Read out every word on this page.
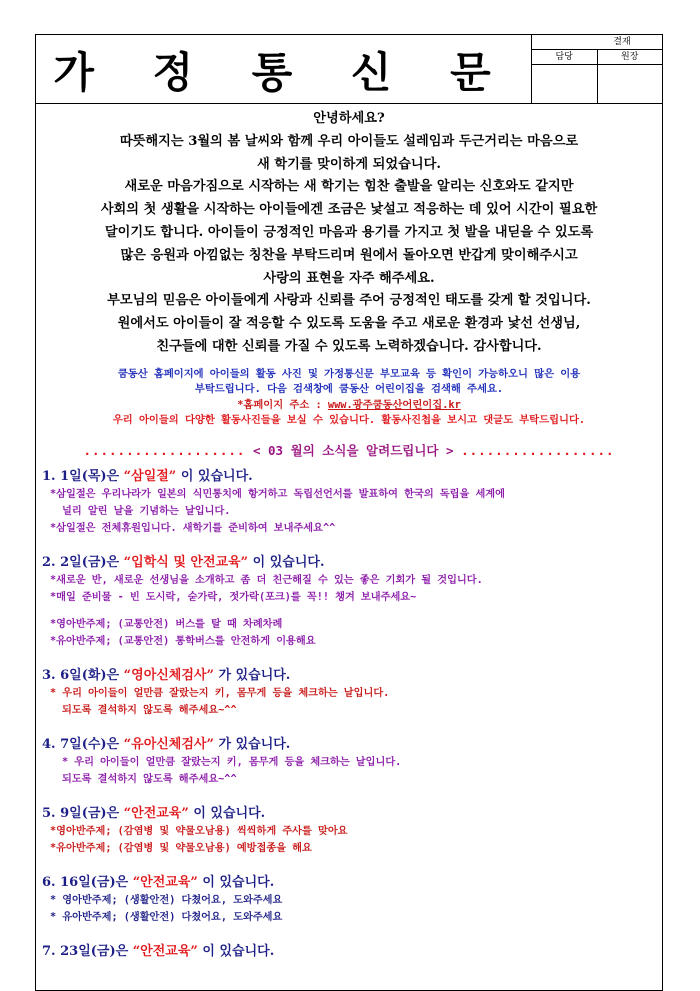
가 정 통 신 문
결재
담당	원장
안녕하세요?
따뜻해지는 3월의 봄 날씨와 함께 우리 아이들도 설레임과 두근거리는 마음으로
새 학기를 맞이하게 되었습니다.
새로운 마음가짐으로 시작하는 새 학기는 힘찬 출발을 알리는 신호와도 같지만
사회의 첫 생활을 시작하는 아이들에겐 조금은 낯설고 적응하는 데 있어 시간이 필요한
달이기도 합니다. 아이들이 긍정적인 마음과 용기를 가지고 첫 발을 내딛을 수 있도록
많은 응원과 아낌없는 칭찬을 부탁드리며 원에서 돌아오면 반갑게 맞이해주시고
사랑의 표현을 자주 해주세요.
부모님의 믿음은 아이들에게 사랑과 신뢰를 주어 긍정적인 태도를 갖게 할 것입니다.
원에서도 아이들이 잘 적응할 수 있도록 도움을 주고 새로운 환경과 낯선 선생님,
친구들에 대한 신뢰를 가질 수 있도록 노력하겠습니다. 감사합니다.
쿰동산 홈페이지에 아이들의 활동 사진 및 가정통신문 부모교육 등 확인이 가능하오니 많은 이용
부탁드립니다. 다음 검색창에 쿰동산 어린이집을 검색해 주세요.
*홈페이지 주소 : www.광주쿰동산어린이집.kr
우리 아이들의 다양한 활동사진들을 보실 수 있습니다. 활동사진첩을 보시고 댓글도 부탁드립니다.
................... < 03 월의 소식을 알려드립니다 > ..................
1. 1일(목)은 “삼일절” 이 있습니다.
*삼일절은 우리나라가 일본의 식민통치에 항거하고 독립선언서를 발표하여 한국의 독립을 세계에
널리 알린 날을 기념하는 날입니다.
*삼일절은 전체휴원입니다. 새학기를 준비하여 보내주세요^^
2. 2일(금)은 “입학식 및 안전교육” 이 있습니다.
*새로운 반, 새로운 선생님을 소개하고 좀 더 친근해질 수 있는 좋은 기회가 될 것입니다.
*매일 준비물 - 빈 도시락, 숟가락, 젓가락(포크)를 꼭!! 챙겨 보내주세요~
*영아반주제; (교통안전) 버스를 탈 때 차례차례
*유아반주제; (교통안전) 통학버스를 안전하게 이용해요
3. 6일(화)은 “영아신체검사” 가 있습니다.
* 우리 아이들이 얼만큼 잘랐는지 키, 몸무게 등을 체크하는 날입니다.
되도록 결석하지 않도록 해주세요~^^
4. 7일(수)은 “유아신체검사” 가 있습니다.
* 우리 아이들이 얼만큼 잘랐는지 키, 몸무게 등을 체크하는 날입니다.
되도록 결석하지 않도록 해주세요~^^
5. 9일(금)은 “안전교육” 이 있습니다.
*영아반주제; (감염병 및 약물오남용) 씩씩하게 주사를 맞아요
*유아반주제; (감염병 및 약물오남용) 예방접종을 해요
6. 16일(금)은 “안전교육” 이 있습니다.
* 영아반주제; (생활안전) 다쳤어요, 도와주세요
* 유아반주제; (생활안전) 다쳤어요, 도와주세요
7. 23일(금)은 “안전교육” 이 있습니다.
